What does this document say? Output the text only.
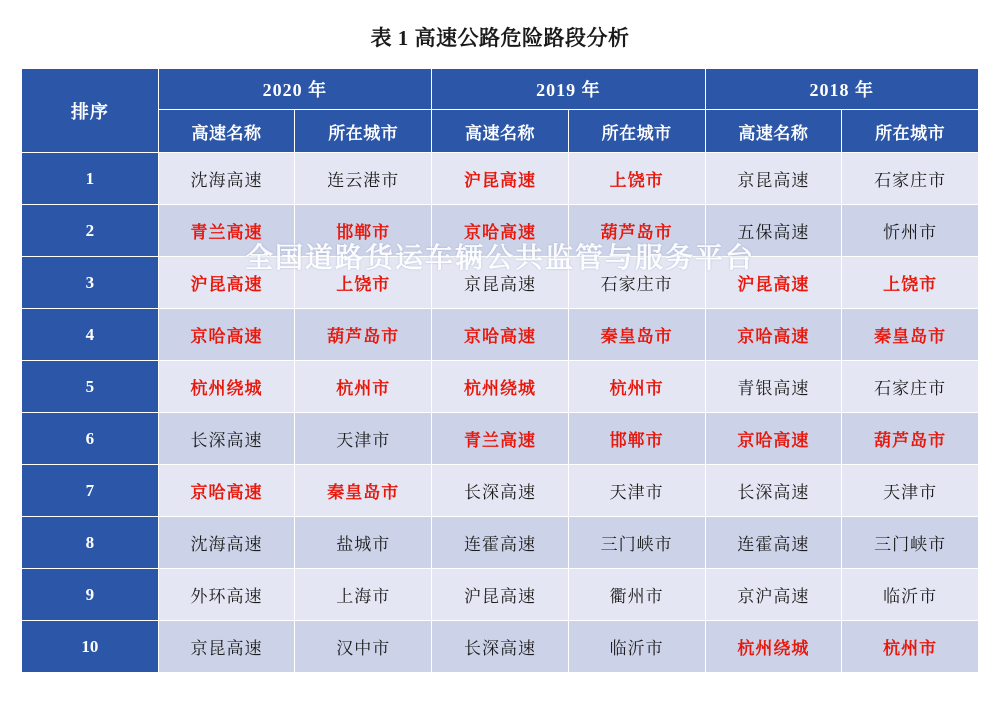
表 1 高速公路危险路段分析
排序	2020 年		2019 年		2018 年	
	高速名称	所在城市	高速名称	所在城市	高速名称	所在城市
1	沈海高速	连云港市	沪昆高速	上饶市	京昆高速	石家庄市
2	青兰高速	邯郸市	京哈高速	葫芦岛市	五保高速	忻州市
3	沪昆高速	上饶市	京昆高速	石家庄市	沪昆高速	上饶市
4	京哈高速	葫芦岛市	京哈高速	秦皇岛市	京哈高速	秦皇岛市
5	杭州绕城	杭州市	杭州绕城	杭州市	青银高速	石家庄市
6	长深高速	天津市	青兰高速	邯郸市	京哈高速	葫芦岛市
7	京哈高速	秦皇岛市	长深高速	天津市	长深高速	天津市
8	沈海高速	盐城市	连霍高速	三门峡市	连霍高速	三门峡市
9	外环高速	上海市	沪昆高速	衢州市	京沪高速	临沂市
10	京昆高速	汉中市	长深高速	临沂市	杭州绕城	杭州市
全国道路货运车辆公共监管与服务平台
